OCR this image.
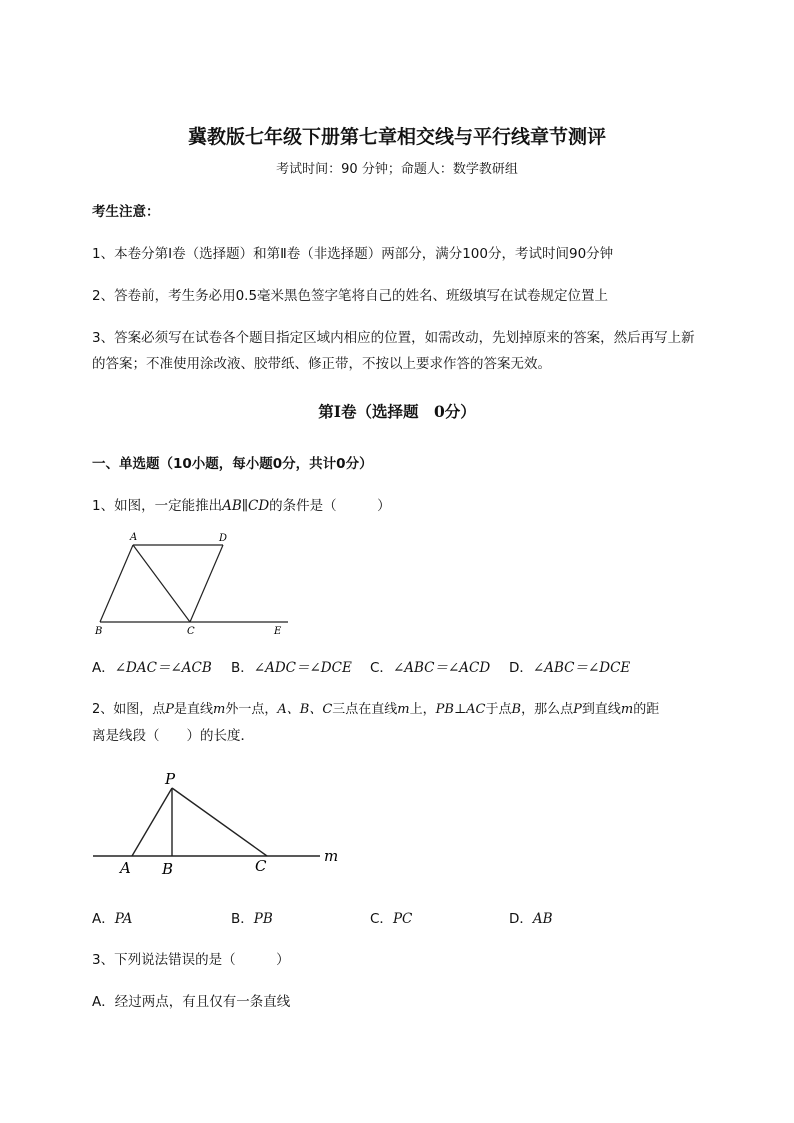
冀教版七年级下册第七章相交线与平行线章节测评
考试时间：90 分钟；命题人：数学教研组
考生注意：
1、本卷分第Ⅰ卷（选择题）和第Ⅱ卷（非选择题）两部分，满分100分，考试时间90分钟
2、答卷前，考生务必用0.5毫米黑色签字笔将自己的姓名、班级填写在试卷规定位置上
3、答案必须写在试卷各个题目指定区域内相应的位置，如需改动，先划掉原来的答案，然后再写上新
的答案；不准使用涂改液、胶带纸、修正带，不按以上要求作答的答案无效。
第Ⅰ卷（选择题　0分）
一、单选题（10小题，每小题0分，共计0分）
1、如图，一定能推出AB∥CD的条件是（　　　）
A	D
B	C	E
A．∠DAC＝∠ACB B．∠ADC＝∠DCE C．∠ABC＝∠ACD D．∠ABC＝∠DCE
2、如图，点P是直线m外一点，A、B、C三点在直线m上，PB⊥AC于点B，那么点P到直线m的距
离是线段（　　）的长度．
P
A B	C
m
A．PA	B．PB	C．PC	D．AB
3、下列说法错误的是（　　　）
A．经过两点，有且仅有一条直线
